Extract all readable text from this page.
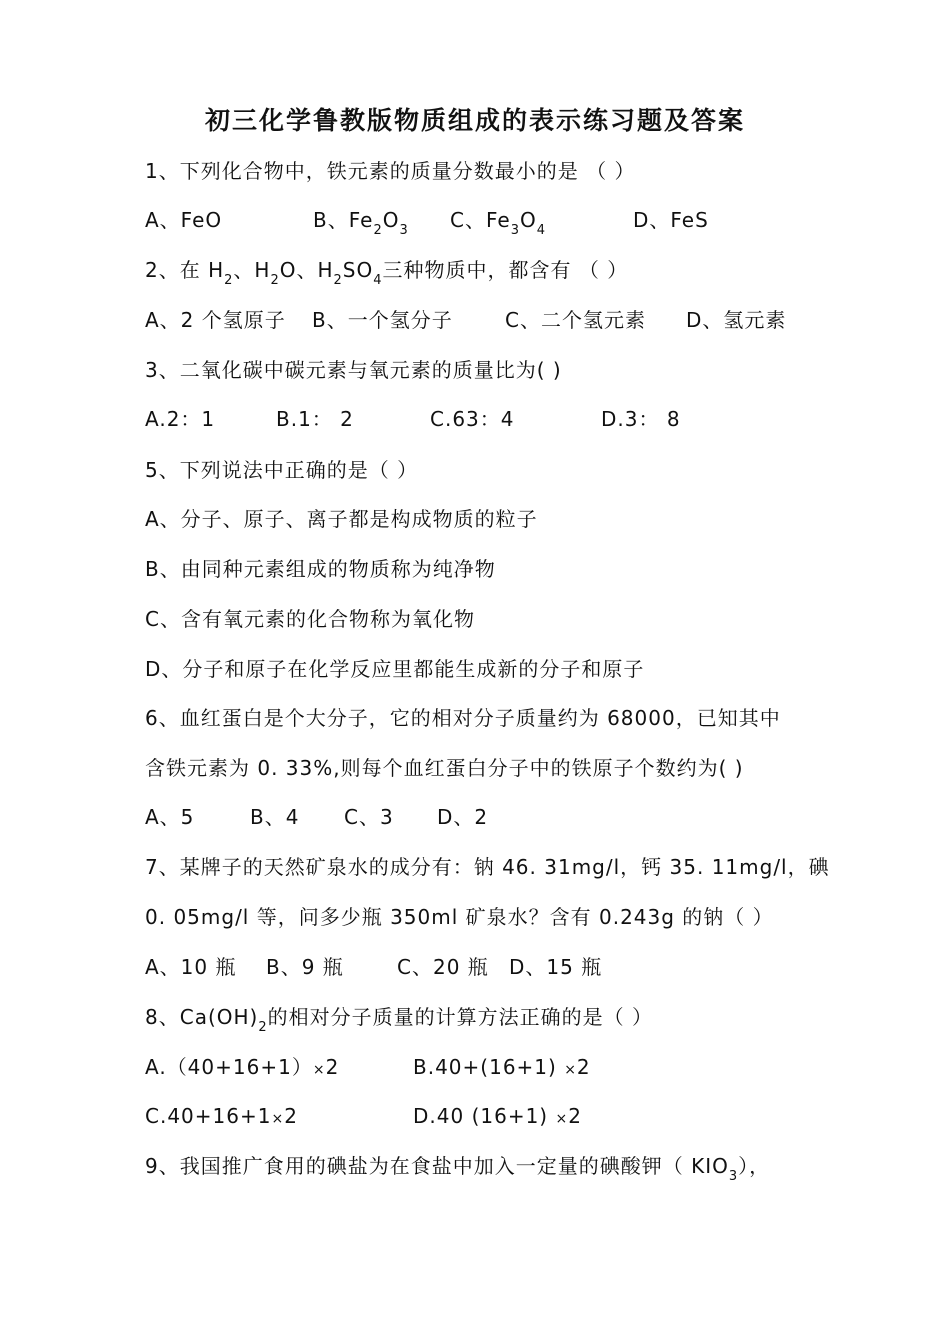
初三化学鲁教版物质组成的表示练习题及答案
1、下列化合物中，铁元素的质量分数最小的是 （ ）
A、FeO	B、$Fe_2O_3$ C、$Fe_3O_4$	D、FeS
2、在 $H_2$、$H_2O$、$H_2SO_4$三种物质中，都含有 （ ）
A、2 个氢原子 B、一个氢分子	C、二个氢元素 D、氢元素
3、二氧化碳中碳元素与氧元素的质量比为( )
A.2：1	B.1： 2	C.63：4	D.3： 8
5、下列说法中正确的是（ ）
A、分子、原子、离子都是构成物质的粒子
B、由同种元素组成的物质称为纯净物
C、含有氧元素的化合物称为氧化物
D、分子和原子在化学反应里都能生成新的分子和原子
6、血红蛋白是个大分子，它的相对分子质量约为 68000，已知其中
含铁元素为 0. 33%,则每个血红蛋白分子中的铁原子个数约为( )
A、5	B、4 C、3 D、2
7、某牌子的天然矿泉水的成分有：钠 46. 31mg/l，钙 35. 11mg/l，碘
0. 05mg/l 等，问多少瓶 350ml 矿泉水？含有 0.243g 的钠（ ）
A、10 瓶 B、9 瓶	C、20 瓶 D、15 瓶
8、$Ca(OH)_2$的相对分子质量的计算方法正确的是（ ）
A.（40+16+1）×2	B.40+(16+1) ×2
C.40+16+1×2	D.40 (16+1) ×2
9、我国推广食用的碘盐为在食盐中加入一定量的碘酸钾（ $KIO_3$），
